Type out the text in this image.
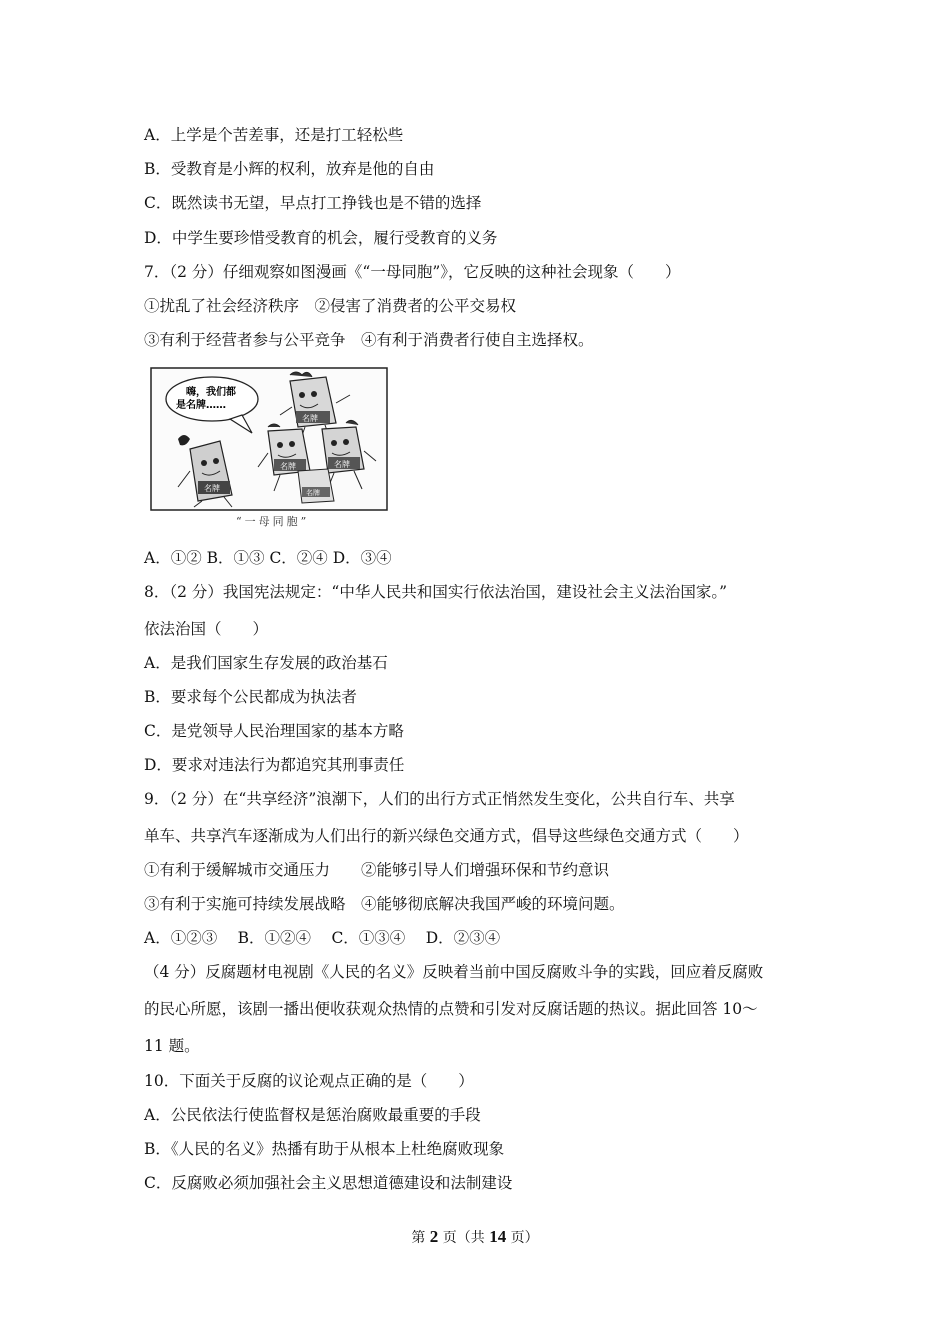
A．上学是个苦差事，还是打工轻松些
B．受教育是小辉的权利，放弃是他的自由
C．既然读书无望，早点打工挣钱也是不错的选择
D．中学生要珍惜受教育的机会，履行受教育的义务
7．（2 分）仔细观察如图漫画《“一母同胞”》，它反映的这种社会现象（　　）
①扰乱了社会经济秩序　②侵害了消费者的公平交易权
③有利于经营者参与公平竞争　④有利于消费者行使自主选择权。
嗨，我们都
是名牌……
名牌
名牌	名牌
名牌	名牌
“一母同胞”
A．①② B．①③ C．②④ D．③④
8．（2 分）我国宪法规定：“中华人民共和国实行依法治国，建设社会主义法治国家。”
依法治国（　　）
A．是我们国家生存发展的政治基石
B．要求每个公民都成为执法者
C．是党领导人民治理国家的基本方略
D．要求对违法行为都追究其刑事责任
9．（2 分）在“共享经济”浪潮下，人们的出行方式正悄然发生变化，公共自行车、共享
单车、共享汽车逐渐成为人们出行的新兴绿色交通方式，倡导这些绿色交通方式（　　）
①有利于缓解城市交通压力　　②能够引导人们增强环保和节约意识
③有利于实施可持续发展战略　④能够彻底解决我国严峻的环境问题。
A．①②③　 B．①②④　 C．①③④　 D．②③④
（4 分）反腐题材电视剧《人民的名义》反映着当前中国反腐败斗争的实践，回应着反腐败
的民心所愿，该剧一播出便收获观众热情的点赞和引发对反腐话题的热议。据此回答 10～
11 题。
10．下面关于反腐的议论观点正确的是（　　）
A．公民依法行使监督权是惩治腐败最重要的手段
B．《人民的名义》热播有助于从根本上杜绝腐败现象
C．反腐败必须加强社会主义思想道德建设和法制建设
第 2 页（共 14 页）
